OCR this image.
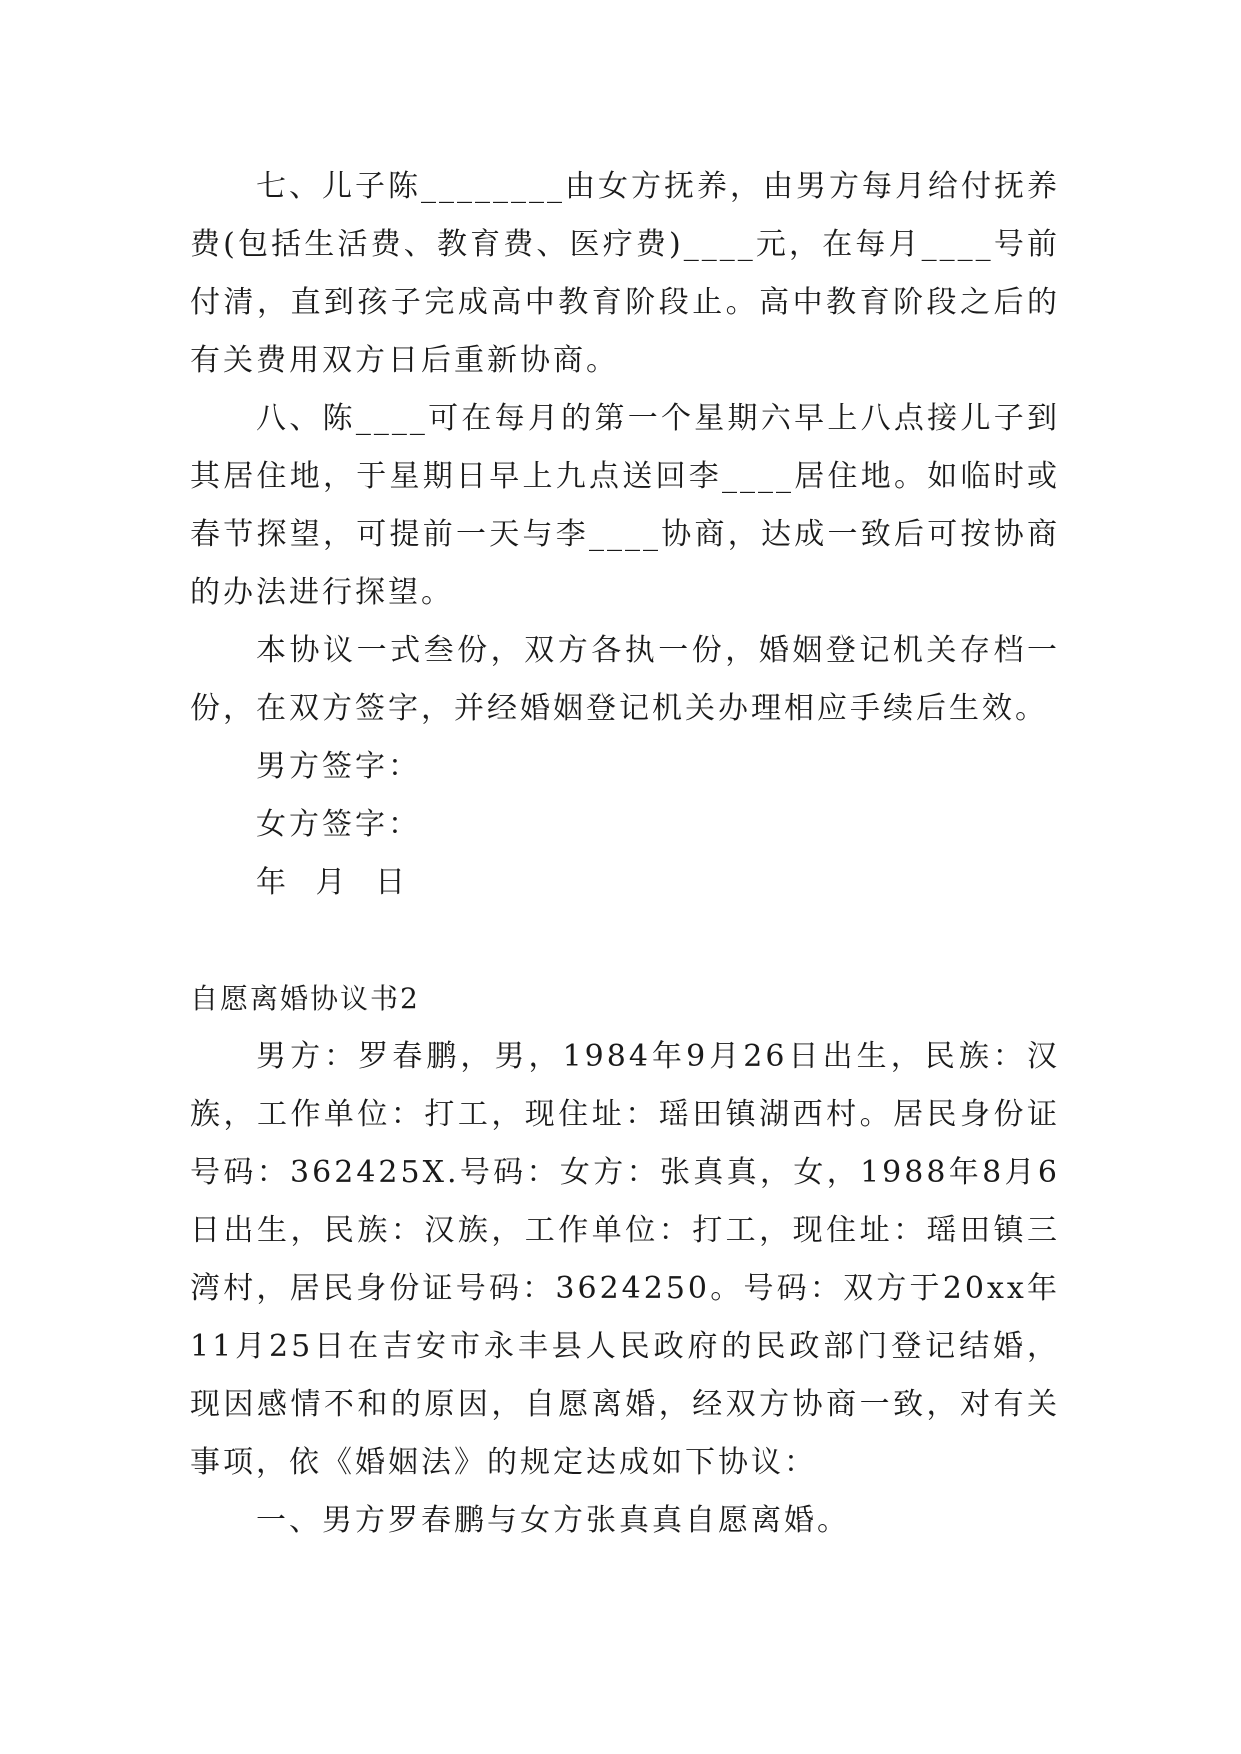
七、儿子陈________由女方抚养，由男方每月给付抚养费(包括生活费、教育费、医疗费)____元，在每月____号前付清，直到孩子完成高中教育阶段止。高中教育阶段之后的有关费用双方日后重新协商。

八、陈____可在每月的第一个星期六早上八点接儿子到其居住地，于星期日早上九点送回李____居住地。如临时或春节探望，可提前一天与李____协商，达成一致后可按协商的办法进行探望。

本协议一式叁份，双方各执一份，婚姻登记机关存档一份，在双方签字，并经婚姻登记机关办理相应手续后生效。

男方签字：

女方签字：

年 月 日

自愿离婚协议书2

男方：罗春鹏，男，1984年9月26日出生，民族：汉族，工作单位：打工，现住址：瑶田镇湖西村。居民身份证号码：362425X.号码：女方：张真真，女，1988年8月6日出生，民族：汉族，工作单位：打工，现住址：瑶田镇三湾村，居民身份证号码：3624250。号码：双方于20xx年11月25日在吉安市永丰县人民政府的民政部门登记结婚，现因感情不和的原因，自愿离婚，经双方协商一致，对有关事项，依《婚姻法》的规定达成如下协议：

一、男方罗春鹏与女方张真真自愿离婚。
